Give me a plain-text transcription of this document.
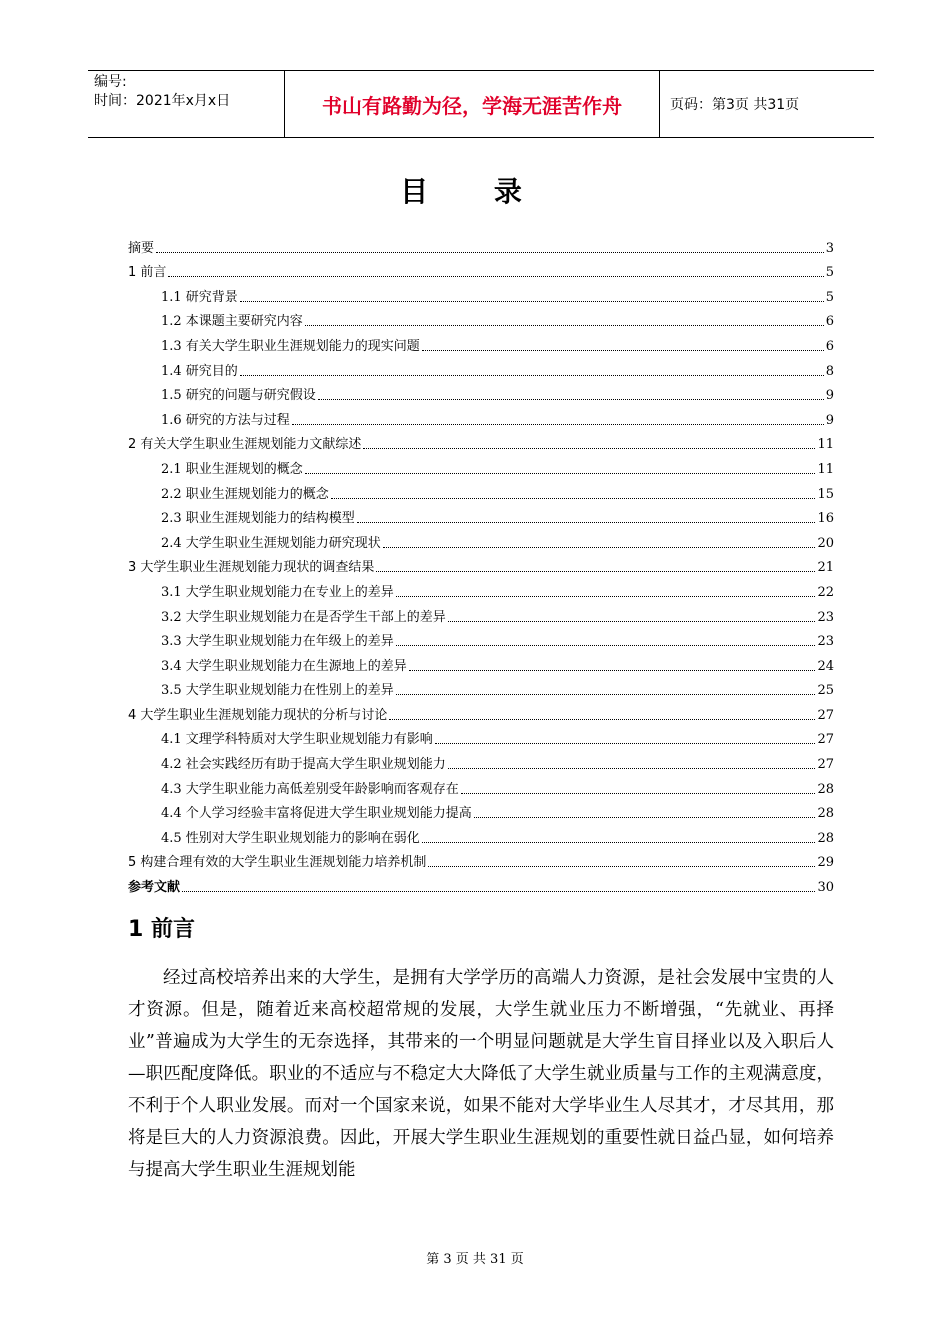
编号:
时间：2021年x月x日	书山有路勤为径，学海无涯苦作舟	页码：第3页 共31页
目 录
摘要	3
1 前言	5
1.1 研究背景	5
1.2 本课题主要研究内容	6
1.3 有关大学生职业生涯规划能力的现实问题	6
1.4 研究目的	8
1.5 研究的问题与研究假设	9
1.6 研究的方法与过程	9
2 有关大学生职业生涯规划能力文献综述	11
2.1 职业生涯规划的概念	11
2.2 职业生涯规划能力的概念	15
2.3 职业生涯规划能力的结构模型	16
2.4 大学生职业生涯规划能力研究现状	20
3 大学生职业生涯规划能力现状的调查结果	21
3.1 大学生职业规划能力在专业上的差异	22
3.2 大学生职业规划能力在是否学生干部上的差异	23
3.3 大学生职业规划能力在年级上的差异	23
3.4 大学生职业规划能力在生源地上的差异	24
3.5 大学生职业规划能力在性别上的差异	25
4 大学生职业生涯规划能力现状的分析与讨论	27
4.1 文理学科特质对大学生职业规划能力有影响	27
4.2 社会实践经历有助于提高大学生职业规划能力	27
4.3 大学生职业能力高低差别受年龄影响而客观存在	28
4.4 个人学习经验丰富将促进大学生职业规划能力提高	28
4.5 性别对大学生职业规划能力的影响在弱化	28
5 构建合理有效的大学生职业生涯规划能力培养机制	29
参考文献	30
1 前言
经过高校培养出来的大学生，是拥有大学学历的高端人力资源，是社会发展中宝贵的人才资源。但是，随着近来高校超常规的发展，大学生就业压力不断增强，“先就业、再择业”普遍成为大学生的无奈选择，其带来的一个明显问题就是大学生盲目择业以及入职后人—职匹配度降低。职业的不适应与不稳定大大降低了大学生就业质量与工作的主观满意度，不利于个人职业发展。而对一个国家来说，如果不能对大学毕业生人尽其才，才尽其用，那将是巨大的人力资源浪费。因此，开展大学生职业生涯规划的重要性就日益凸显，如何培养与提高大学生职业生涯规划能
第 3 页 共 31 页
